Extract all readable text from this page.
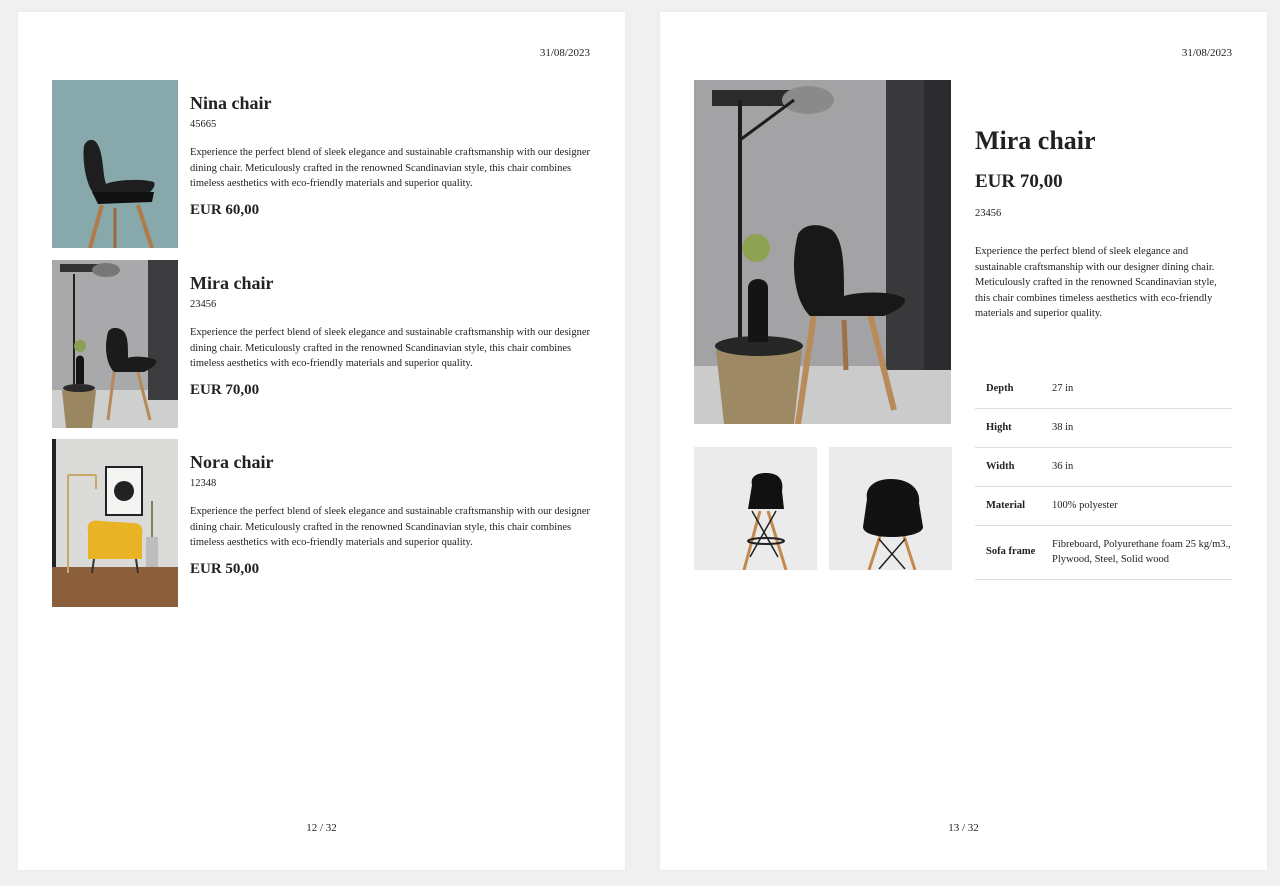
31/08/2023
Nina chair
45665
Experience the perfect blend of sleek elegance and sustainable craftsmanship with our designer dining chair. Meticulously crafted in the renowned Scandinavian style, this chair combines timeless aesthetics with eco-friendly materials and superior quality.
EUR 60,00
Mira chair
23456
Experience the perfect blend of sleek elegance and sustainable craftsmanship with our designer dining chair. Meticulously crafted in the renowned Scandinavian style, this chair combines timeless aesthetics with eco-friendly materials and superior quality.
EUR 70,00
Nora chair
12348
Experience the perfect blend of sleek elegance and sustainable craftsmanship with our designer dining chair. Meticulously crafted in the renowned Scandinavian style, this chair combines timeless aesthetics with eco-friendly materials and superior quality.
EUR 50,00
12 / 32
31/08/2023
Mira chair
EUR 70,00
23456
Experience the perfect blend of sleek elegance and sustainable craftsmanship with our designer dining chair. Meticulously crafted in the renowned Scandinavian style, this chair combines timeless aesthetics with eco-friendly materials and superior quality.
Depth	27 in
Hight	38 in
Width	36 in
Material	100% polyester
Sofa frame	Fibreboard, Polyurethane foam 25 kg/m3., Plywood, Steel, Solid wood
13 / 32
